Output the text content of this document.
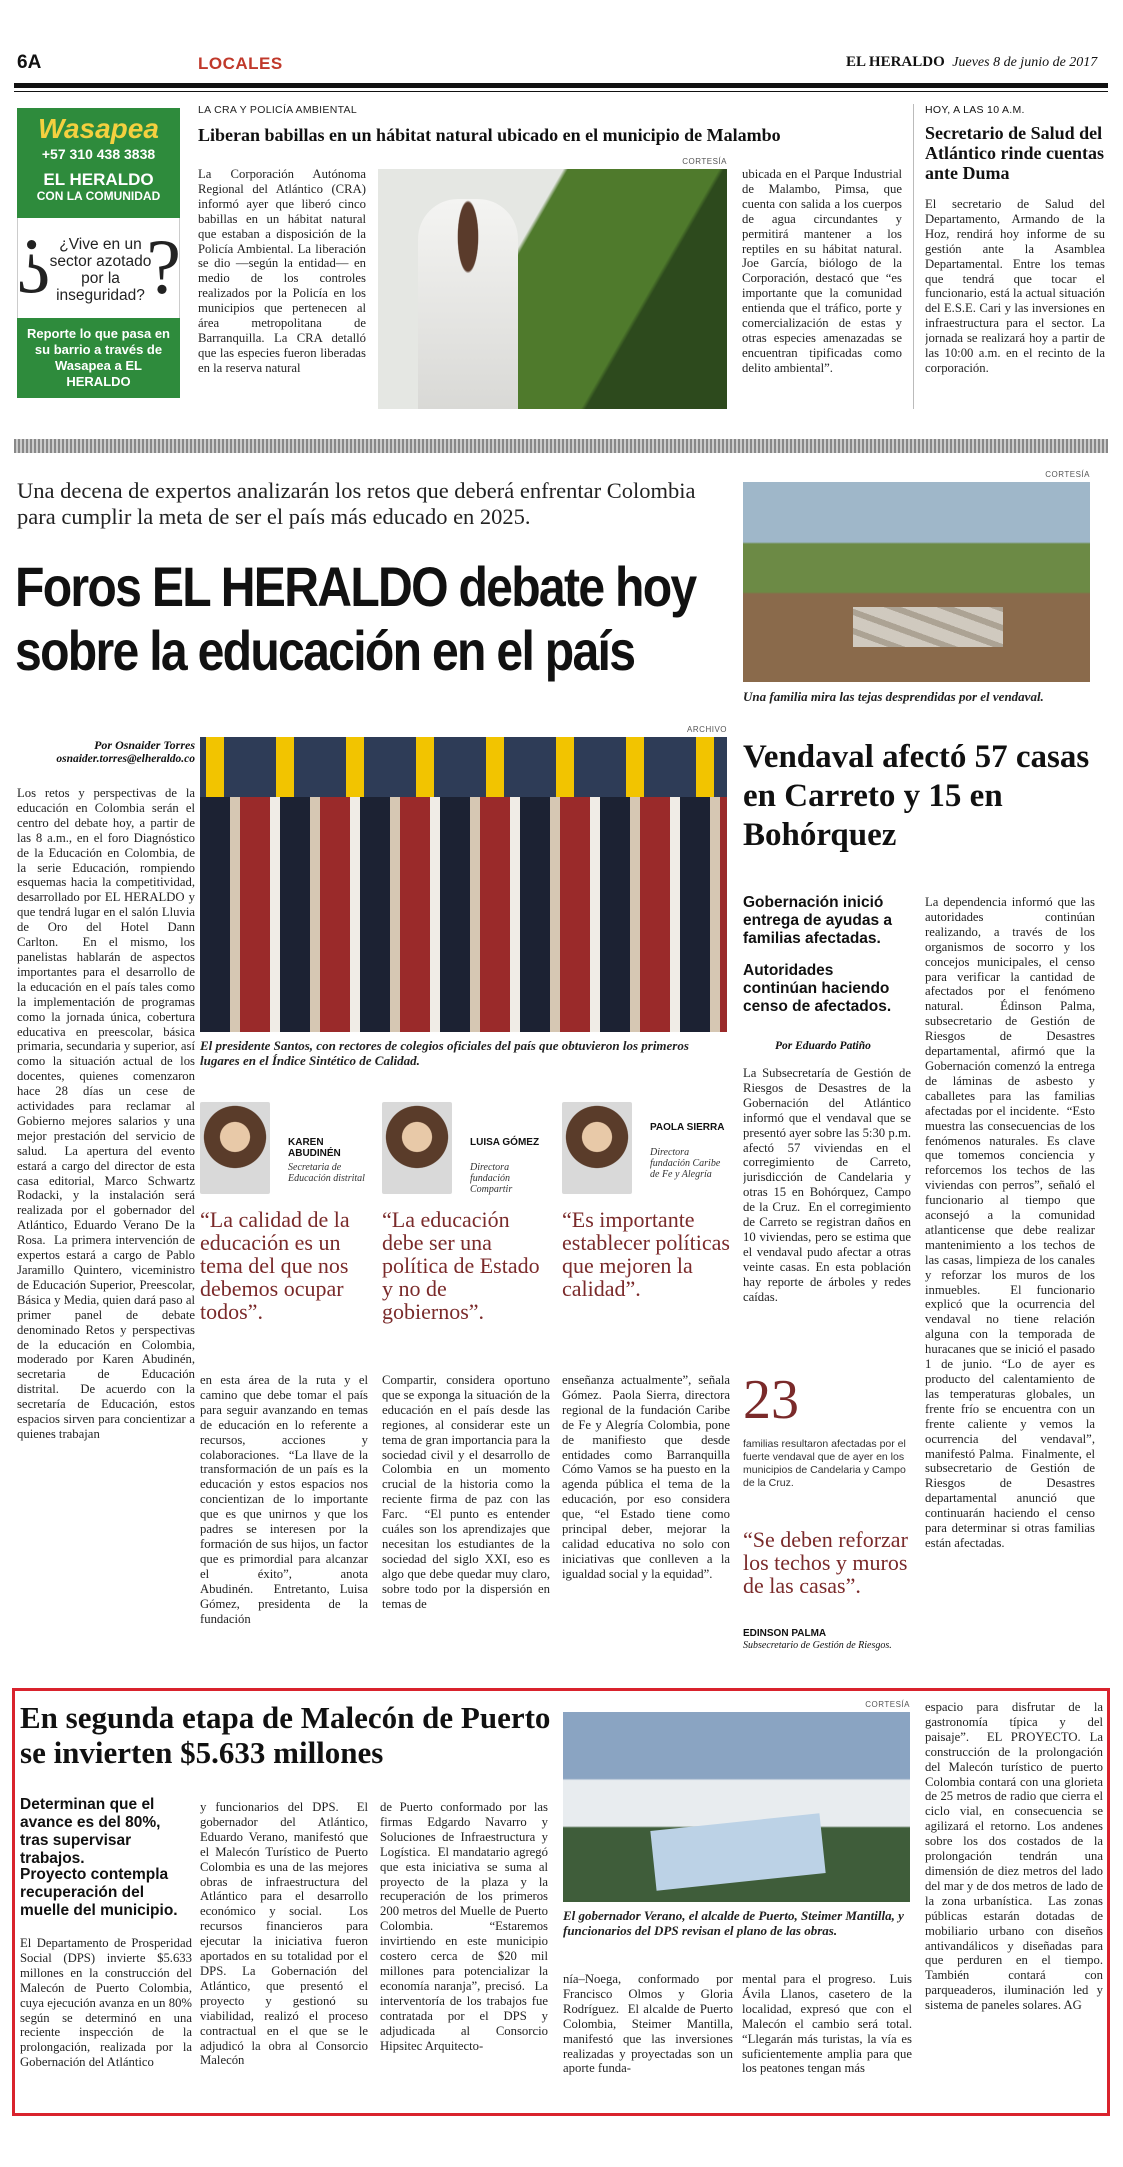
6A	LOCALES	EL HERALDO Jueves 8 de junio de 2017
Wasapea
+57 310 438 3838
EL HERALDO
CON LA COMUNIDAD
? ?
¿Vive en un sector azotado por la inseguridad?
Reporte lo que pasa en su barrio a través de Wasapea a EL HERALDO
LA CRA Y POLICÍA AMBIENTAL
Liberan babillas en un hábitat natural ubicado en el municipio de Malambo
La Corporación Autónoma Regional del Atlántico (CRA) informó ayer que liberó cinco babillas en un hábitat natural que estaban a disposición de la Policía Ambiental. La liberación se dio —según la entidad— en medio de los controles realizados por la Policía en los municipios que pertenecen al área metropolitana de Barranquilla. La CRA detalló que las especies fueron liberadas en la reserva natural
CORTESÍA
ubicada en el Parque Industrial de Malambo, Pimsa, que cuenta con salida a los cuerpos de agua circundantes y permitirá mantener a los reptiles en su hábitat natural. Joe García, biólogo de la Corporación, destacó que “es importante que la comunidad entienda que el tráfico, porte y comercialización de estas y otras especies amenazadas se encuentran tipificadas como delito ambiental”.
HOY, A LAS 10 A.M.
Secretario de Salud del Atlántico rinde cuentas ante Duma
El secretario de Salud del Departamento, Armando de la Hoz, rendirá hoy informe de su gestión ante la Asamblea Departamental. Entre los temas que tendrá que tocar el funcionario, está la actual situación del E.S.E. Cari y las inversiones en infraestructura para el sector. La jornada se realizará hoy a partir de las 10:00 a.m. en el recinto de la corporación.
Una decena de expertos analizarán los retos que deberá enfrentar Colombia para cumplir la meta de ser el país más educado en 2025.
Foros EL HERALDO debate hoy sobre la educación en el país
Por Osnaider Torres
osnaider.torres@elheraldo.co
Los retos y perspectivas de la educación en Colombia serán el centro del debate hoy, a partir de las 8 a.m., en el foro Diagnóstico de la Educación en Colombia, de la serie Educación, rompiendo esquemas hacia la competitividad, desarrollado por EL HERALDO y que tendrá lugar en el salón Lluvia de Oro del Hotel Dann Carlton.  En el mismo, los panelistas hablarán de aspectos importantes para el desarrollo de la educación en el país tales como la implementación de programas como la jornada única, cobertura educativa en preescolar, básica primaria, secundaria y superior, así como la situación actual de los docentes, quienes comenzaron hace 28 días un cese de actividades para reclamar al Gobierno mejores salarios y una mejor prestación del servicio de salud.  La apertura del evento estará a cargo del director de esta casa editorial, Marco Schwartz Rodacki, y la instalación será realizada por el gobernador del Atlántico, Eduardo Verano De la Rosa.  La primera intervención de expertos estará a cargo de Pablo Jaramillo Quintero, viceministro de Educación Superior, Preescolar, Básica y Media, quien dará paso al primer panel de debate denominado Retos y perspectivas de la educación en Colombia, moderado por Karen Abudinén, secretaria de Educación distrital.  De acuerdo con la secretaría de Educación, estos espacios sirven para concientizar a quienes trabajan
ARCHIVO
El presidente Santos, con rectores de colegios oficiales del país que obtuvieron los primeros lugares en el Índice Sintético de Calidad.
KAREN ABUDINÉN
Secretaria de Educación distrital
“La calidad de la educación es un tema del que nos debemos ocupar todos”.
LUISA GÓMEZ
Directora fundación Compartir
“La educación debe ser una política de Estado y no de gobiernos”.
PAOLA SIERRA
Directora fundación Caribe de Fe y Alegría
“Es importante establecer políticas que mejoren la calidad”.
en esta área de la ruta y el camino que debe tomar el país para seguir avanzando en temas de educación en lo referente a recursos, acciones y colaboraciones.  “La llave de la transformación de un país es la educación y estos espacios nos concientizan de lo importante que es que unirnos y que los padres se interesen por la formación de sus hijos, un factor que es primordial para alcanzar el éxito”, anota Abudinén.  Entretanto, Luisa Gómez, presidenta de la fundación
Compartir, considera oportuno que se exponga la situación de la educación en el país desde las regiones, al considerar este un tema de gran importancia para la sociedad civil y el desarrollo de Colombia en un momento crucial de la historia como la reciente firma de paz con las Farc.  “El punto es entender cuáles son los aprendizajes que necesitan los estudiantes de la sociedad del siglo XXI, eso es algo que debe quedar muy claro, sobre todo por la dispersión en temas de
enseñanza actualmente”, señala Gómez.  Paola Sierra, directora regional de la fundación Caribe de Fe y Alegría Colombia, pone de manifiesto que desde entidades como Barranquilla Cómo Vamos se ha puesto en la agenda pública el tema de la educación, por eso considera que, “el Estado tiene como principal deber, mejorar la calidad educativa no solo con iniciativas que conlleven a la igualdad social y la equidad”.
CORTESÍA
Una familia mira las tejas desprendidas por el vendaval.
Vendaval afectó 57 casas en Carreto y 15 en Bohórquez
Gobernación inició entrega de ayudas a familias afectadas.
Autoridades continúan haciendo censo de afectados.
Por Eduardo Patiño
La Subsecretaría de Gestión de Riesgos de Desastres de la Gobernación del Atlántico informó que el vendaval que se presentó ayer sobre las 5:30 p.m. afectó 57 viviendas en el corregimiento de Carreto, jurisdicción de Candelaria y otras 15 en Bohórquez, Campo de la Cruz.  En el corregimiento de Carreto se registran daños en 10 viviendas, pero se estima que el vendaval pudo afectar a otras veinte casas. En esta población hay reporte de árboles y redes caídas.
23
familias resultaron afectadas por el fuerte vendaval que de ayer en los municipios de Candelaria y Campo de la Cruz.
“Se deben reforzar los techos y muros de las casas”.
EDINSON PALMA
Subsecretario de Gestión de Riesgos.
La dependencia informó que las autoridades continúan realizando, a través de los organismos de socorro y los concejos municipales, el censo para verificar la cantidad de afectados por el fenómeno natural.  Édinson Palma, subsecretario de Gestión de Riesgos de Desastres departamental, afirmó que la Gobernación comenzó la entrega de láminas de asbesto y caballetes para las familias afectadas por el incidente.  “Esto muestra las consecuencias de los fenómenos naturales. Es clave que tomemos conciencia y reforcemos los techos de las viviendas con perros”, señaló el funcionario al tiempo que aconsejó a la comunidad atlanticense que debe realizar mantenimiento a los techos de las casas, limpieza de los canales y reforzar los muros de los inmuebles.  El funcionario explicó que la ocurrencia del vendaval no tiene relación alguna con la temporada de huracanes que se inició el pasado 1 de junio. “Lo de ayer es producto del calentamiento de las temperaturas globales, un frente frío se encuentra con un frente caliente y vemos la ocurrencia del vendaval”, manifestó Palma.  Finalmente, el subsecretario de Gestión de Riesgos de Desastres departamental anunció que continuarán haciendo el censo para determinar si otras familias están afectadas.
En segunda etapa de Malecón de Puerto se invierten $5.633 millones
Determinan que el avance es del 80%, tras supervisar trabajos.
Proyecto contempla recuperación del muelle del municipio.
El Departamento de Prosperidad Social (DPS) invierte $5.633 millones en la construcción del Malecón de Puerto Colombia, cuya ejecución avanza en un 80% según se determinó en una reciente inspección de la prolongación, realizada por la Gobernación del Atlántico
y funcionarios del DPS.  El gobernador del Atlántico, Eduardo Verano, manifestó que el Malecón Turístico de Puerto Colombia es una de las mejores obras de infraestructura del Atlántico para el desarrollo económico y social.  Los recursos financieros para ejecutar la iniciativa fueron aportados en su totalidad por el DPS. La Gobernación del Atlántico, que presentó el proyecto y gestionó su viabilidad, realizó el proceso contractual en el que se le adjudicó la obra al Consorcio Malecón
de Puerto conformado por las firmas Edgardo Navarro y Soluciones de Infraestructura y Logística.  El mandatario agregó que esta iniciativa se suma al proyecto de la plaza y la recuperación de los primeros 200 metros del Muelle de Puerto Colombia. “Estaremos invirtiendo en este municipio costero cerca de $20 mil millones para potencializar la economía naranja”, precisó.  La interventoría de los trabajos fue contratada por el DPS y adjudicada al Consorcio Hipsitec Arquitecto-
CORTESÍA
El gobernador Verano, el alcalde de Puerto, Steimer Mantilla, y funcionarios del DPS revisan el plano de las obras.
nía–Noega, conformado por Francisco Olmos y Gloria Rodríguez.  El alcalde de Puerto Colombia, Steimer Mantilla, manifestó que las inversiones realizadas y proyectadas son un aporte funda-
mental para el progreso.  Luis Ávila Llanos, casetero de la localidad, expresó que con el Malecón el cambio será total. “Llegarán más turistas, la vía es suficientemente amplia para que los peatones tengan más
espacio para disfrutar de la gastronomía típica y del paisaje”.  EL PROYECTO. La construcción de la prolongación del Malecón turístico de puerto Colombia contará con una glorieta de 25 metros de radio que cierra el ciclo vial, en consecuencia se agilizará el retorno. Los andenes sobre los dos costados de la prolongación tendrán una dimensión de diez metros del lado del mar y de dos metros de lado de la zona urbanística.  Las zonas públicas estarán dotadas de mobiliario urbano con diseños antivandálicos y diseñadas para que perduren en el tiempo. También contará con parqueaderos, iluminación led y sistema de paneles solares. AG
